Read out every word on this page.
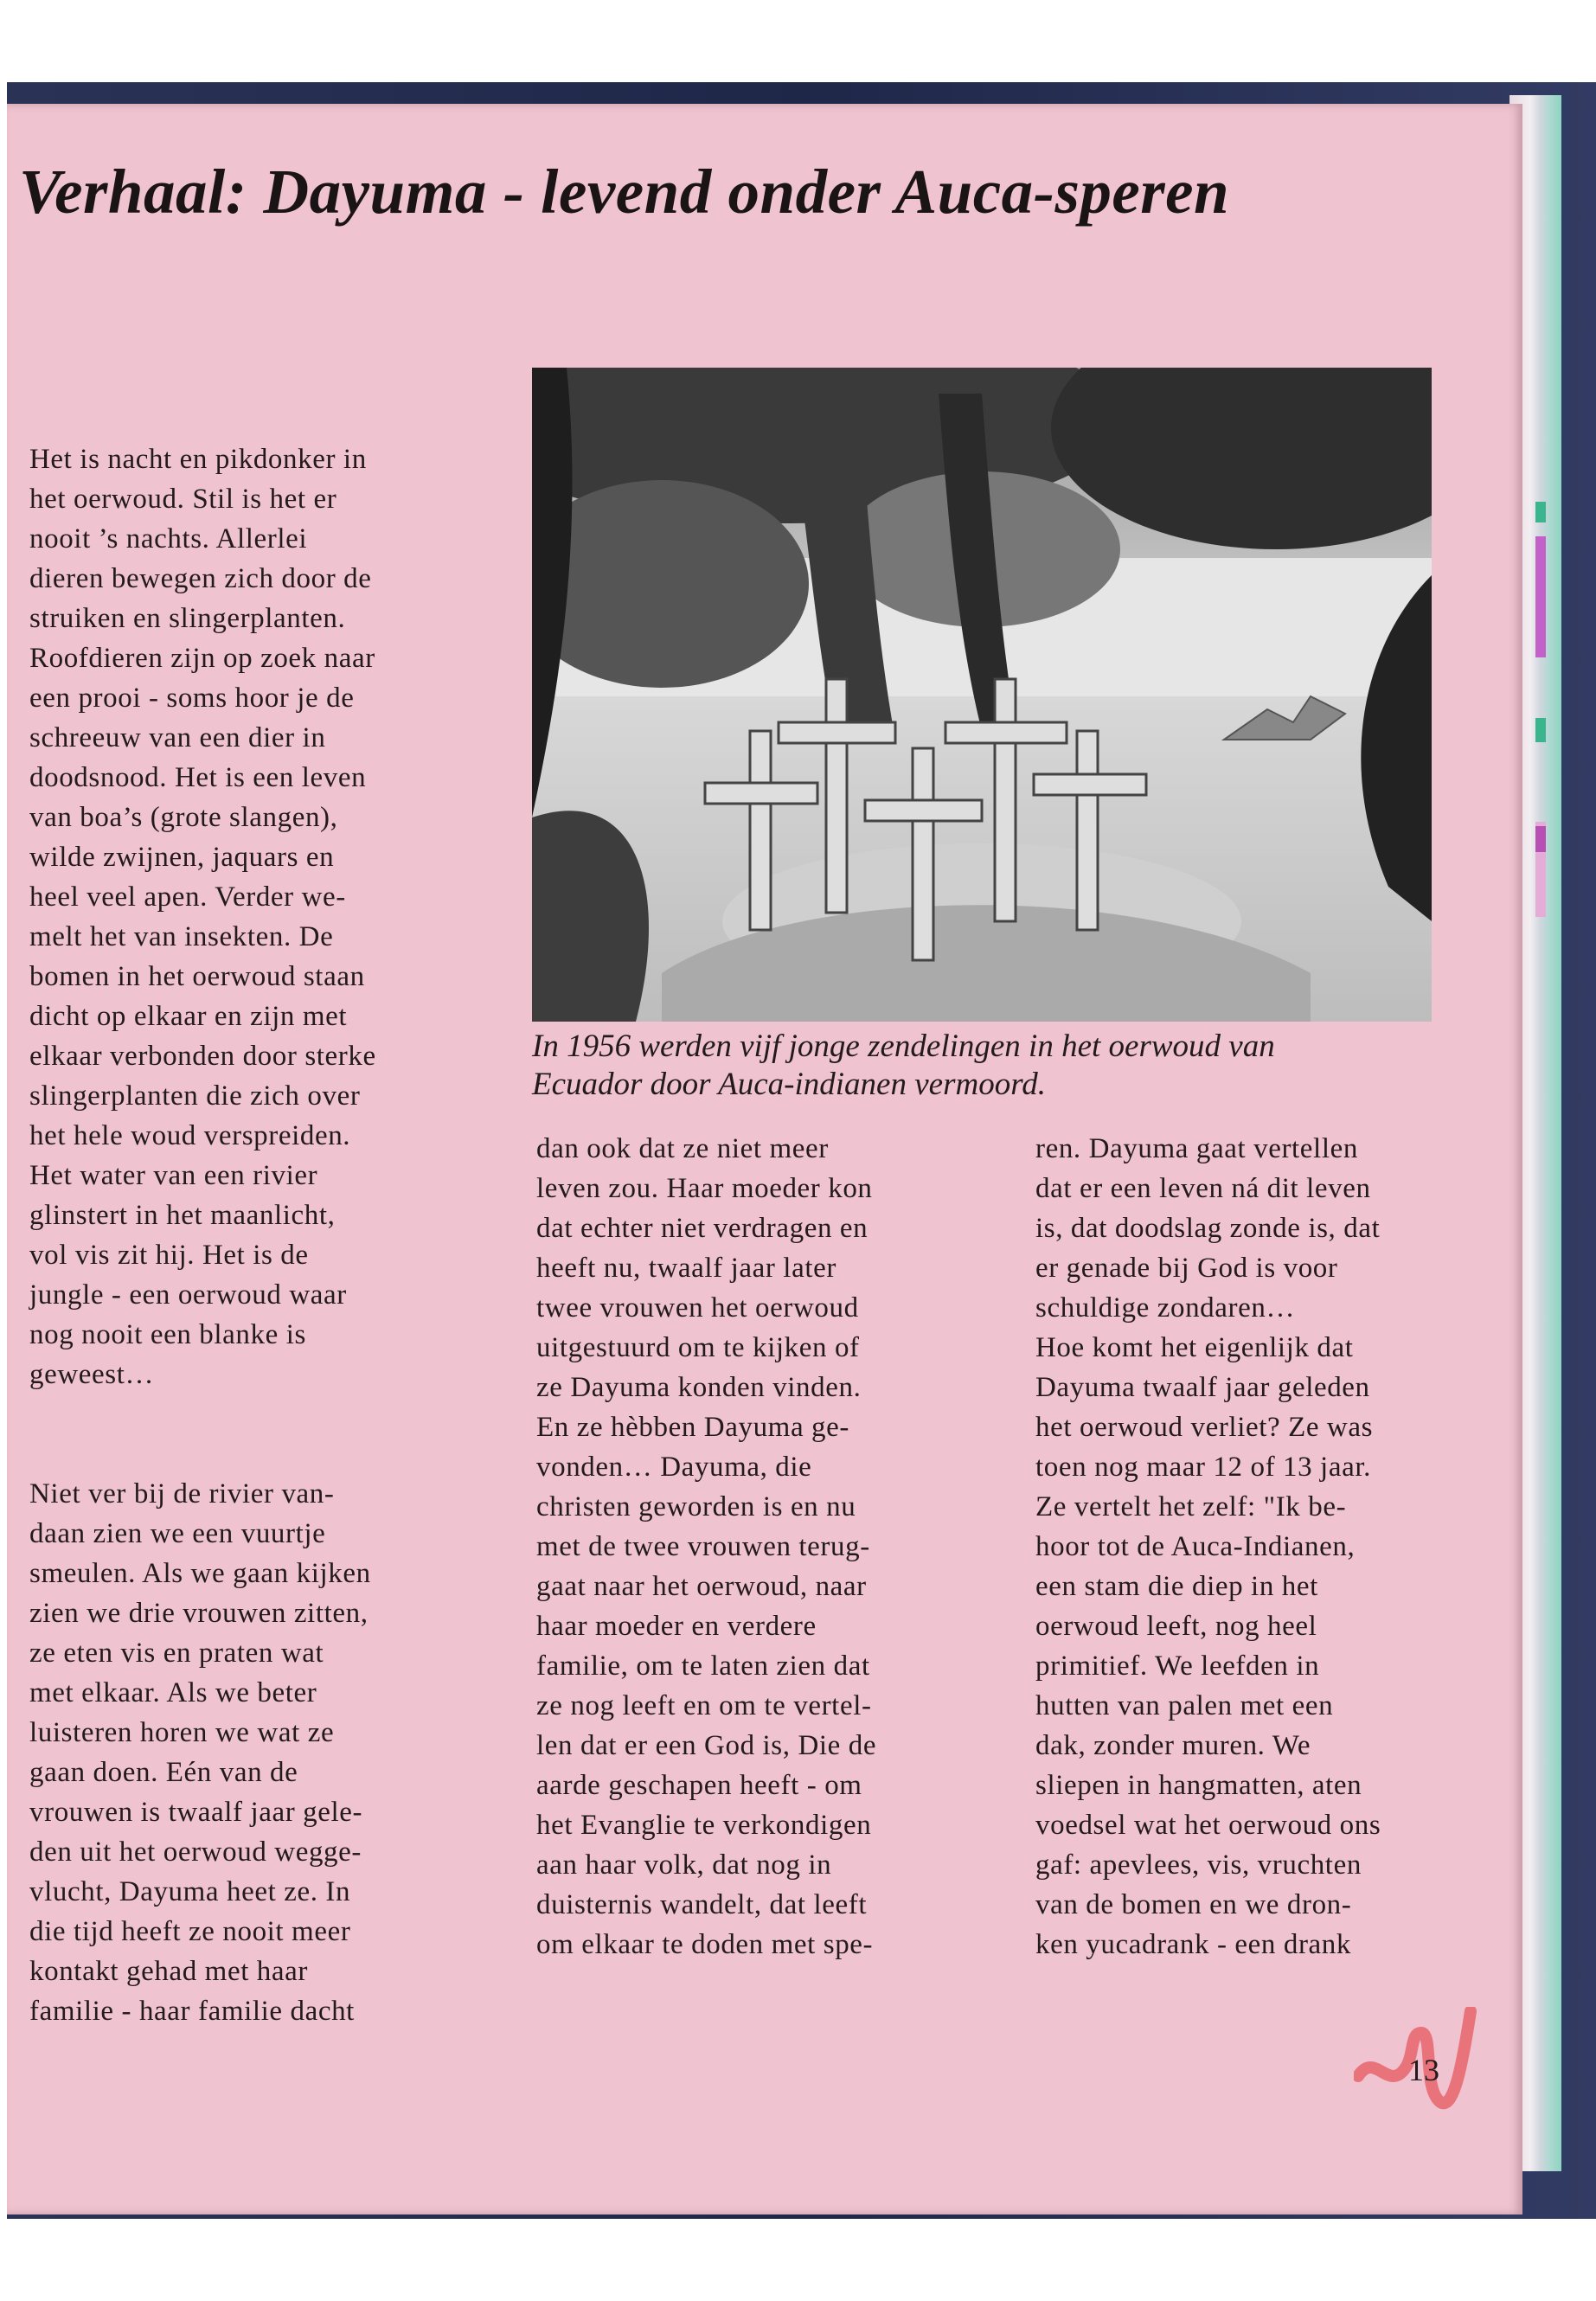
Verhaal: Dayuma - levend onder Auca-speren

Het is nacht en pikdonker in
het oerwoud. Stil is het er
nooit ’s nachts. Allerlei
dieren bewegen zich door de
struiken en slingerplanten.
Roofdieren zijn op zoek naar
een prooi - soms hoor je de
schreeuw van een dier in
doodsnood. Het is een leven
van boa’s (grote slangen),
wilde zwijnen, jaquars en
heel veel apen. Verder we-
melt het van insekten. De
bomen in het oerwoud staan
dicht op elkaar en zijn met
elkaar verbonden door sterke
slingerplanten die zich over
het hele woud verspreiden.
Het water van een rivier
glinstert in het maanlicht,
vol vis zit hij. Het is de
jungle - een oerwoud waar
nog nooit een blanke is
geweest…

Niet ver bij de rivier van-
daan zien we een vuurtje
smeulen. Als we gaan kijken
zien we drie vrouwen zitten,
ze eten vis en praten wat
met elkaar. Als we beter
luisteren horen we wat ze
gaan doen. Eén van de
vrouwen is twaalf jaar gele-
den uit het oerwoud wegge-
vlucht, Dayuma heet ze. In
die tijd heeft ze nooit meer
kontakt gehad met haar
familie - haar familie dacht

In 1956 werden vijf jonge zendelingen in het oerwoud van
Ecuador door Auca-indianen vermoord.
dan ook dat ze niet meer
leven zou. Haar moeder kon
dat echter niet verdragen en
heeft nu, twaalf jaar later
twee vrouwen het oerwoud
uitgestuurd om te kijken of
ze Dayuma konden vinden.
En ze hèbben Dayuma ge-
vonden… Dayuma, die
christen geworden is en nu
met de twee vrouwen terug-
gaat naar het oerwoud, naar
haar moeder en verdere
familie, om te laten zien dat
ze nog leeft en om te vertel-
len dat er een God is, Die de
aarde geschapen heeft - om
het Evanglie te verkondigen
aan haar volk, dat nog in
duisternis wandelt, dat leeft
om elkaar te doden met spe-
ren. Dayuma gaat vertellen
dat er een leven ná dit leven
is, dat doodslag zonde is, dat
er genade bij God is voor
schuldige zondaren…
Hoe komt het eigenlijk dat
Dayuma twaalf jaar geleden
het oerwoud verliet? Ze was
toen nog maar 12 of 13 jaar.
Ze vertelt het zelf: "Ik be-
hoor tot de Auca-Indianen,
een stam die diep in het
oerwoud leeft, nog heel
primitief. We leefden in
hutten van palen met een
dak, zonder muren. We
sliepen in hangmatten, aten
voedsel wat het oerwoud ons
gaf: apevlees, vis, vruchten
van de bomen en we dron-
ken yucadrank - een drank
13
